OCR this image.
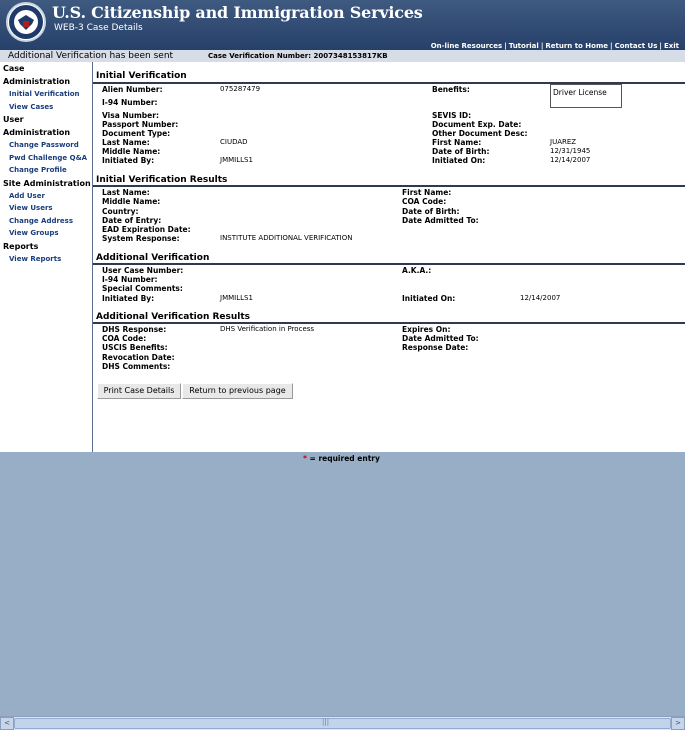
U.S. Citizenship and Immigration Services
WEB-3 Case Details
On-line Resources | Tutorial | Return to Home | Contact Us | Exit
Additional Verification has been sent	Case Verification Number: 2007348153817KB
Case Administration
Initial Verification
View Cases
User Administration
Change Password
Pwd Challenge Q&A
Change Profile
Site Administration
Add User
View Users
Change Address
View Groups
Reports
View Reports
Initial Verification
Alien Number:	075287479	Benefits:	Driver License
I-94 Number:
Visa Number:	SEVIS ID:
Passport Number:	Document Exp. Date:
Document Type:	Other Document Desc:
Last Name:	CIUDAD	First Name:	JUAREZ
Middle Name:	Date of Birth:	12/31/1945
Initiated By:	JMMILLS1	Initiated On:	12/14/2007
Initial Verification Results
Last Name:	First Name:
Middle Name:	COA Code:
Country:	Date of Birth:
Date of Entry:	Date Admitted To:
EAD Expiration Date:
System Response:	INSTITUTE ADDITIONAL VERIFICATION
Additional Verification
User Case Number:	A.K.A.:
I-94 Number:
Special Comments:
Initiated By:	JMMILLS1	Initiated On:	12/14/2007
Additional Verification Results
DHS Response:	DHS Verification in Process	Expires On:
COA Code:	Date Admitted To:
USCIS Benefits:	Response Date:
Revocation Date:
DHS Comments:
Print Case Details	Return to previous page
* = required entry
<	|||	>
